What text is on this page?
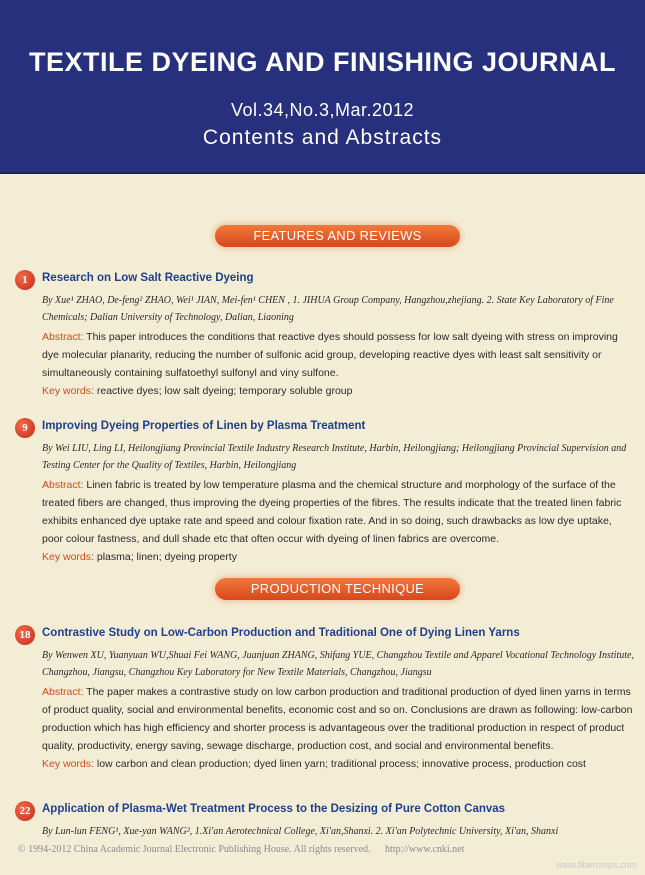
TEXTILE DYEING AND FINISHING JOURNAL
Vol.34,No.3,Mar.2012
Contents and Abstracts
FEATURES AND REVIEWS
1	Research on Low Salt Reactive Dyeing
By Xue¹ ZHAO, De-feng² ZHAO, Wei¹ JIAN, Mei-fen¹ CHEN , 1. JIHUA Group Company, Hangzhou,zhejiang. 2. State Key Laboratory of Fine Chemicals; Dalian University of Technology, Dalian, Liaoning
Abstract: This paper introduces the conditions that reactive dyes should possess for low salt dyeing with stress on improving dye molecular planarity, reducing the number of sulfonic acid group, developing reactive dyes with least salt sensitivity or simultaneously containing sulfatoethyl sulfonyl and viny sulfone.
Key words: reactive dyes; low salt dyeing; temporary soluble group
9	Improving Dyeing Properties of Linen by Plasma Treatment
By Wei LIU, Ling LI, Heilongjiang Provincial Textile Industry Research Institute, Harbin, Heilongjiang; Heilongjiang Provincial Supervision and Testing Center for the Quality of Textiles, Harbin, Heilongjiang
Abstract: Linen fabric is treated by low temperature plasma and the chemical structure and morphology of the surface of the treated fibers are changed, thus improving the dyeing properties of the fibres. The results indicate that the treated linen fabric exhibits enhanced dye uptake rate and speed and colour fixation rate. And in so doing, such drawbacks as low dye uptake, poor colour fastness, and dull shade etc that often occur with dyeing of linen fabrics are overcome.
Key words: plasma; linen; dyeing property
PRODUCTION TECHNIQUE
18	Contrastive Study on Low-Carbon Production and Traditional One of Dying Linen Yarns
By Wenwen XU, Yuanyuan WU,Shuai Fei WANG, Juanjuan ZHANG, Shifang YUE, Changzhou Textile and Apparel Vocational Technology Institute, Changzhou, Jiangsu, Changzhou Key Laboratory for New Textile Materials, Changzhou, Jiangsu
Abstract: The paper makes a contrastive study on low carbon production and traditional production of dyed linen yarns in terms of product quality, social and environmental benefits, economic cost and so on. Conclusions are drawn as following: low-carbon production which has high efficiency and shorter process is advantageous over the traditional production in respect of product quality, productivity, energy saving, sewage discharge, production cost, and social and environmental benefits.
Key words: low carbon and clean production; dyed linen yarn; traditional process; innovative process, production cost
22	Application of Plasma-Wet Treatment Process to the Desizing of Pure Cotton Canvas
By Lun-lun FENG¹, Xue-yan WANG², 1.Xi'an Aerotechnical College, Xi'an,Shanxi. 2. Xi'an Polytechnic University, Xi'an, Shanxi
© 1994-2012 China Academic Journal Electronic Publishing House. All rights reserved. http://www.cnki.net
www.fibercrops.com
